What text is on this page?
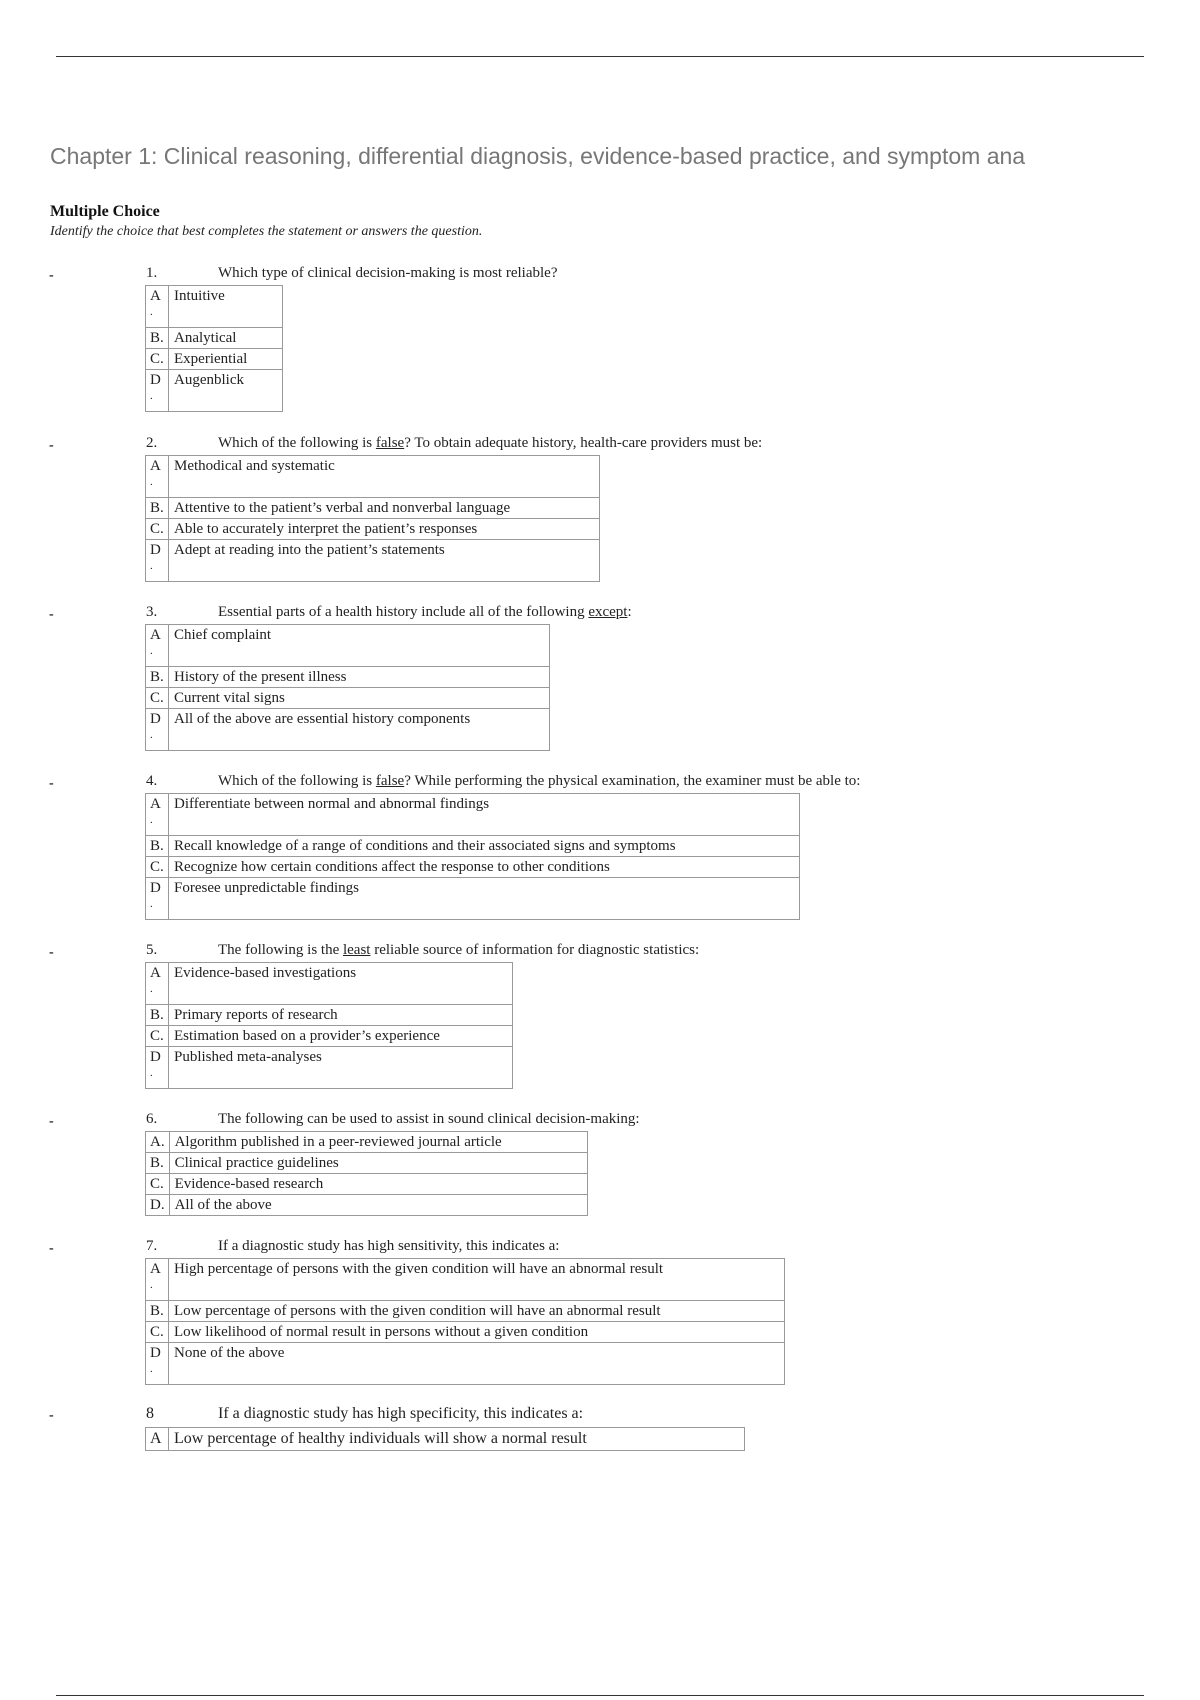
Chapter 1: Clinical reasoning, differential diagnosis, evidence-based practice, and symptom ana
Multiple Choice
Identify the choice that best completes the statement or answers the question.
-	1.	Which type of clinical decision-making is most reliable?
A
.	Intuitive
B.	Analytical
C.	Experiential
D
.	Augenblick
-	2.	Which of the following is false? To obtain adequate history, health-care providers must be:
A
.	Methodical and systematic
B.	Attentive to the patient’s verbal and nonverbal language
C.	Able to accurately interpret the patient’s responses
D
.	Adept at reading into the patient’s statements
-	3.	Essential parts of a health history include all of the following except:
A
.	Chief complaint
B.	History of the present illness
C.	Current vital signs
D
.	All of the above are essential history components
-	4.	Which of the following is false? While performing the physical examination, the examiner must be able to:
A
.	Differentiate between normal and abnormal findings
B.	Recall knowledge of a range of conditions and their associated signs and symptoms
C.	Recognize how certain conditions affect the response to other conditions
D
.	Foresee unpredictable findings
-	5.	The following is the least reliable source of information for diagnostic statistics:
A
.	Evidence-based investigations
B.	Primary reports of research
C.	Estimation based on a provider’s experience
D
.	Published meta-analyses
-	6.	The following can be used to assist in sound clinical decision-making:
A.	Algorithm published in a peer-reviewed journal article
B.	Clinical practice guidelines
C.	Evidence-based research
D.	All of the above
-	7.	If a diagnostic study has high sensitivity, this indicates a:
A
.	High percentage of persons with the given condition will have an abnormal result
B.	Low percentage of persons with the given condition will have an abnormal result
C.	Low likelihood of normal result in persons without a given condition
D
.	None of the above
-	8	If a diagnostic study has high specificity, this indicates a:
A	Low percentage of healthy individuals will show a normal result
